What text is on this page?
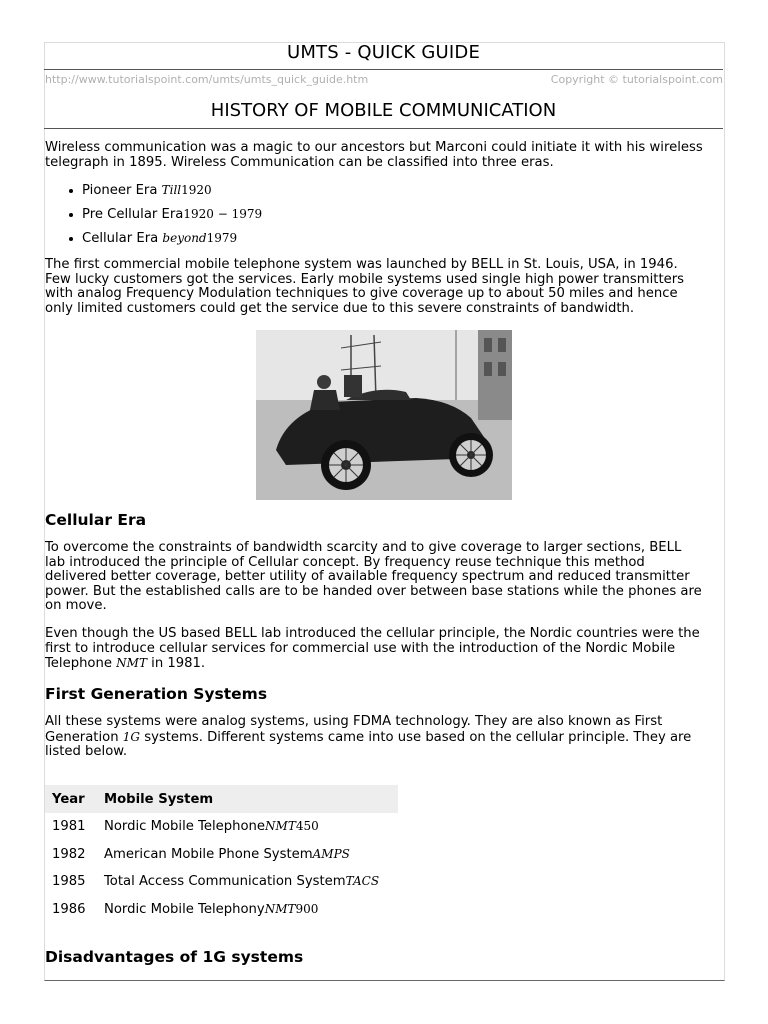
UMTS - QUICK GUIDE
http://www.tutorialspoint.com/umts/umts_quick_guide.htm	Copyright © tutorialspoint.com
HISTORY OF MOBILE COMMUNICATION
Wireless communication was a magic to our ancestors but Marconi could initiate it with his wireless
telegraph in 1895. Wireless Communication can be classified into three eras.
Pioneer Era Till1920
Pre Cellular Era1920 − 1979
Cellular Era beyond1979
The first commercial mobile telephone system was launched by BELL in St. Louis, USA, in 1946.
Few lucky customers got the services. Early mobile systems used single high power transmitters
with analog Frequency Modulation techniques to give coverage up to about 50 miles and hence
only limited customers could get the service due to this severe constraints of bandwidth.
Cellular Era
To overcome the constraints of bandwidth scarcity and to give coverage to larger sections, BELL
lab introduced the principle of Cellular concept. By frequency reuse technique this method
delivered better coverage, better utility of available frequency spectrum and reduced transmitter
power. But the established calls are to be handed over between base stations while the phones are
on move.
Even though the US based BELL lab introduced the cellular principle, the Nordic countries were the
first to introduce cellular services for commercial use with the introduction of the Nordic Mobile
Telephone NMT in 1981.
First Generation Systems
All these systems were analog systems, using FDMA technology. They are also known as First
Generation 1G systems. Different systems came into use based on the cellular principle. They are
listed below.
Year	Mobile System
1981	Nordic Mobile TelephoneNMT450
1982	American Mobile Phone SystemAMPS
1985	Total Access Communication SystemTACS
1986	Nordic Mobile TelephonyNMT900
Disadvantages of 1G systems
